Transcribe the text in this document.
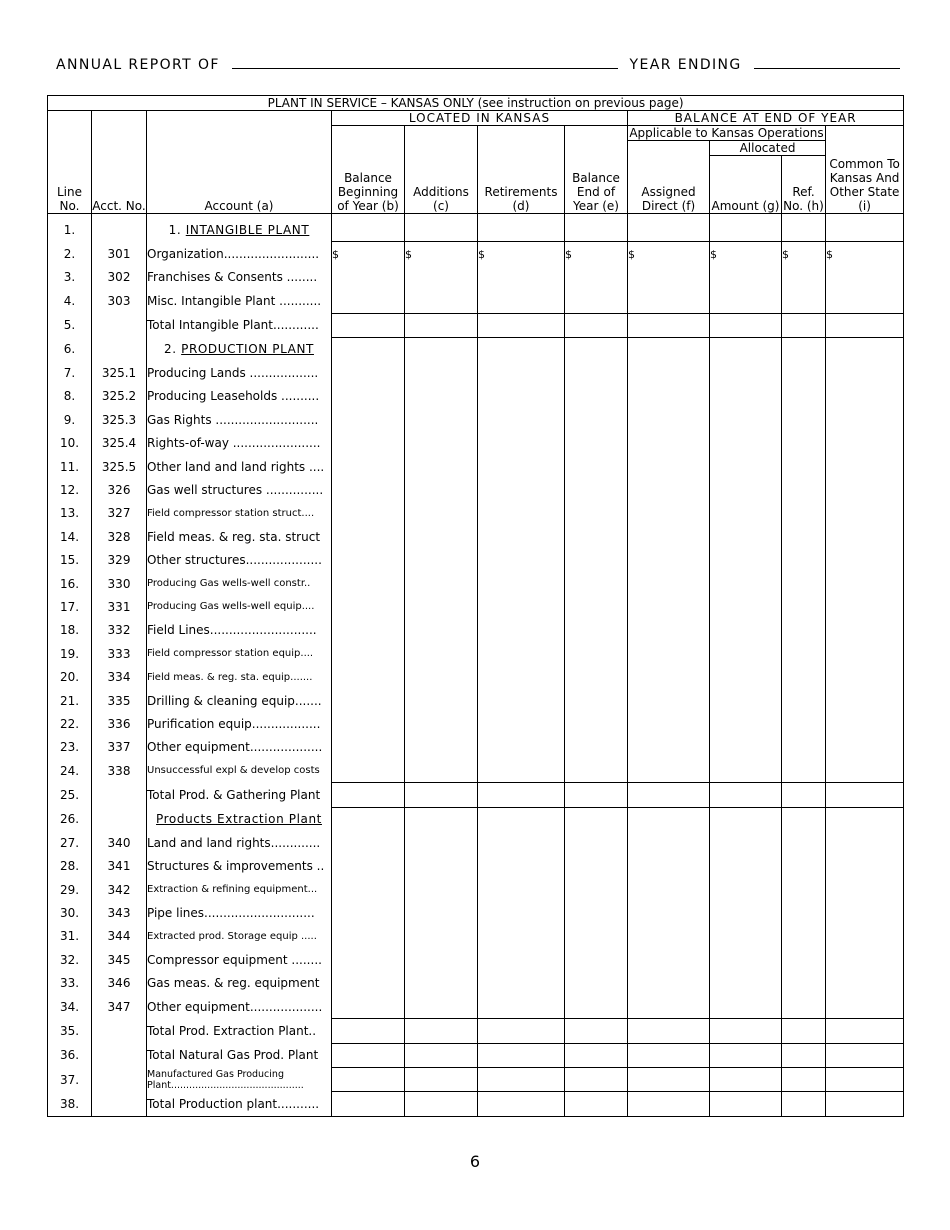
ANNUAL REPORT OF	YEAR ENDING
PLANT IN SERVICE – KANSAS ONLY (see instruction on previous page)										
Line No.	Acct. No.	Account (a)	LOCATED IN KANSAS				BALANCE AT END OF YEAR			
			Balance Beginning of Year (b)	Additions (c)	Retirements (d)	Balance End of Year (e)	Applicable to Kansas Operations			Common To Kansas And Other State (i)
							Assigned Direct (f)	Allocated		
								Amount (g)	Ref. No. (h)	
1.		1. INTANGIBLE PLANT								
2.	301	Organization.........................	$	$	$	$	$	$	$	$
3.	302	Franchises & Consents ........								
4.	303	Misc. Intangible Plant ...........								
5.		Total Intangible Plant............								
6.		2. PRODUCTION PLANT								
7.	325.1	Producing Lands ..................								
8.	325.2	Producing Leaseholds ..........								
9.	325.3	Gas Rights ...........................								
10.	325.4	Rights-of-way .......................								
11.	325.5	Other land and land rights ....								
12.	326	Gas well structures ...............								
13.	327	Field compressor station struct....								
14.	328	Field meas. & reg. sta. struct								
15.	329	Other structures....................								
16.	330	Producing Gas wells-well constr..								
17.	331	Producing Gas wells-well equip....								
18.	332	Field Lines............................								
19.	333	Field compressor station equip....								
20.	334	Field meas. & reg. sta. equip.......								
21.	335	Drilling & cleaning equip.......								
22.	336	Purification equip..................								
23.	337	Other equipment...................								
24.	338	Unsuccessful expl & develop costs								
25.		Total Prod. & Gathering Plant								
26.		Products Extraction Plant								
27.	340	Land and land rights.............								
28.	341	Structures & improvements ..								
29.	342	Extraction & refining equipment...								
30.	343	Pipe lines.............................								
31.	344	Extracted prod. Storage equip .....								
32.	345	Compressor equipment ........								
33.	346	Gas meas. & reg. equipment								
34.	347	Other equipment...................								
35.		Total Prod. Extraction Plant..								
36.		Total Natural Gas Prod. Plant								
37.		Manufactured Gas Producing Plant............................................								

38.		Total Production plant...........								
6
